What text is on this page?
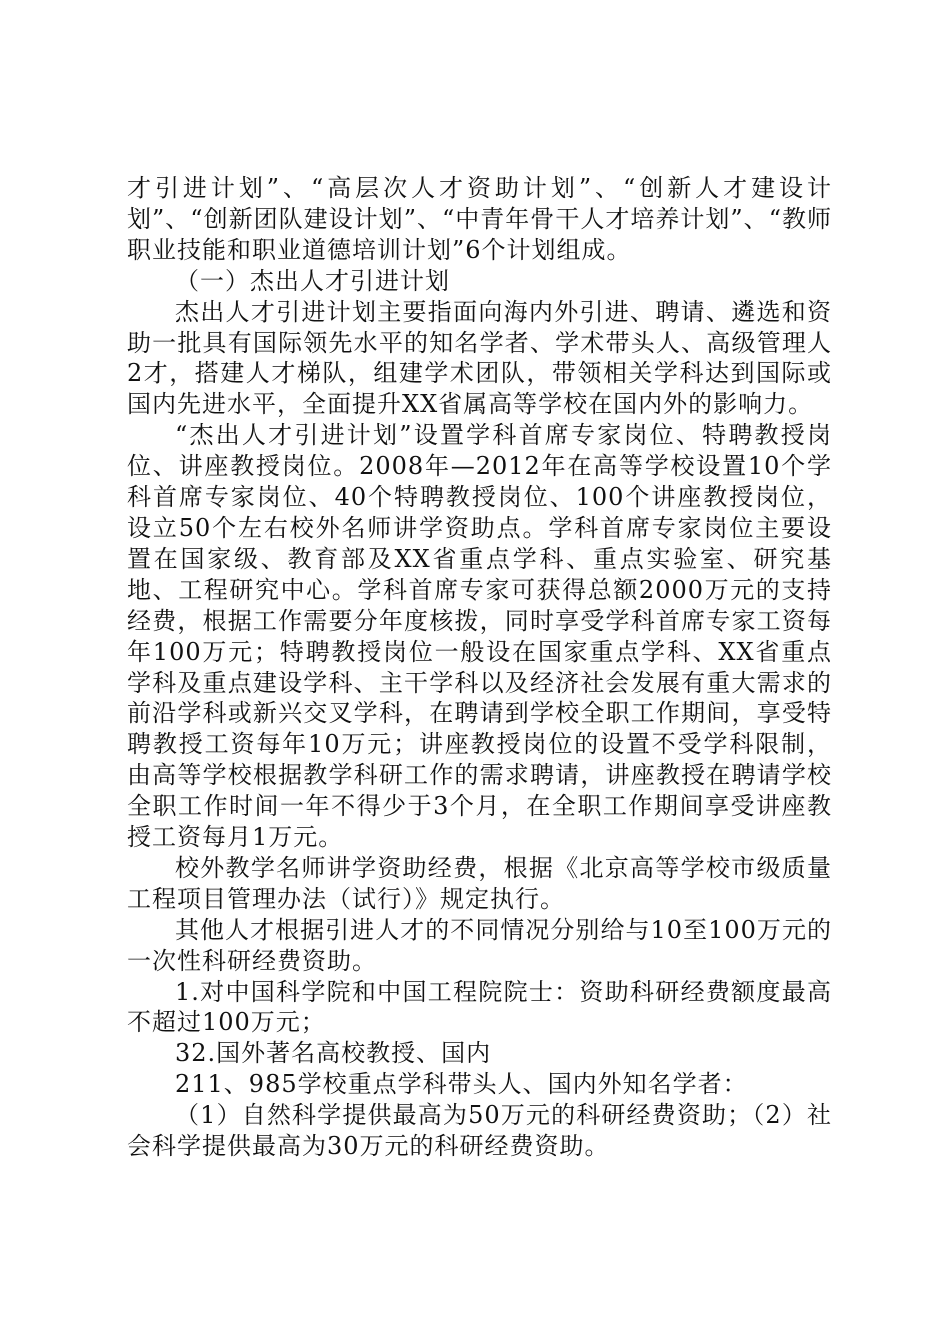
才引进计划”、“高层次人才资助计划”、“创新人才建设计划”、“创新团队建设计划”、“中青年骨干人才培养计划”、“教师职业技能和职业道德培训计划”6个计划组成。

（一）杰出人才引进计划

杰出人才引进计划主要指面向海内外引进、聘请、遴选和资助一批具有国际领先水平的知名学者、学术带头人、高级管理人2才，搭建人才梯队，组建学术团队，带领相关学科达到国际或国内先进水平，全面提升XX省属高等学校在国内外的影响力。

“杰出人才引进计划”设置学科首席专家岗位、特聘教授岗位、讲座教授岗位。2008年—2012年在高等学校设置10个学科首席专家岗位、40个特聘教授岗位、100个讲座教授岗位，设立50个左右校外名师讲学资助点。学科首席专家岗位主要设置在国家级、教育部及XX省重点学科、重点实验室、研究基地、工程研究中心。学科首席专家可获得总额2000万元的支持经费，根据工作需要分年度核拨，同时享受学科首席专家工资每年100万元；特聘教授岗位一般设在国家重点学科、XX省重点学科及重点建设学科、主干学科以及经济社会发展有重大需求的前沿学科或新兴交叉学科，在聘请到学校全职工作期间，享受特聘教授工资每年10万元；讲座教授岗位的设置不受学科限制，由高等学校根据教学科研工作的需求聘请，讲座教授在聘请学校全职工作时间一年不得少于3个月，在全职工作期间享受讲座教授工资每月1万元。

校外教学名师讲学资助经费，根据《北京高等学校市级质量工程项目管理办法（试行）》规定执行。

其他人才根据引进人才的不同情况分别给与10至100万元的一次性科研经费资助。

1.对中国科学院和中国工程院院士：资助科研经费额度最高不超过100万元；

32.国外著名高校教授、国内

211、985学校重点学科带头人、国内外知名学者：

（1）自然科学提供最高为50万元的科研经费资助；（2）社会科学提供最高为30万元的科研经费资助。
